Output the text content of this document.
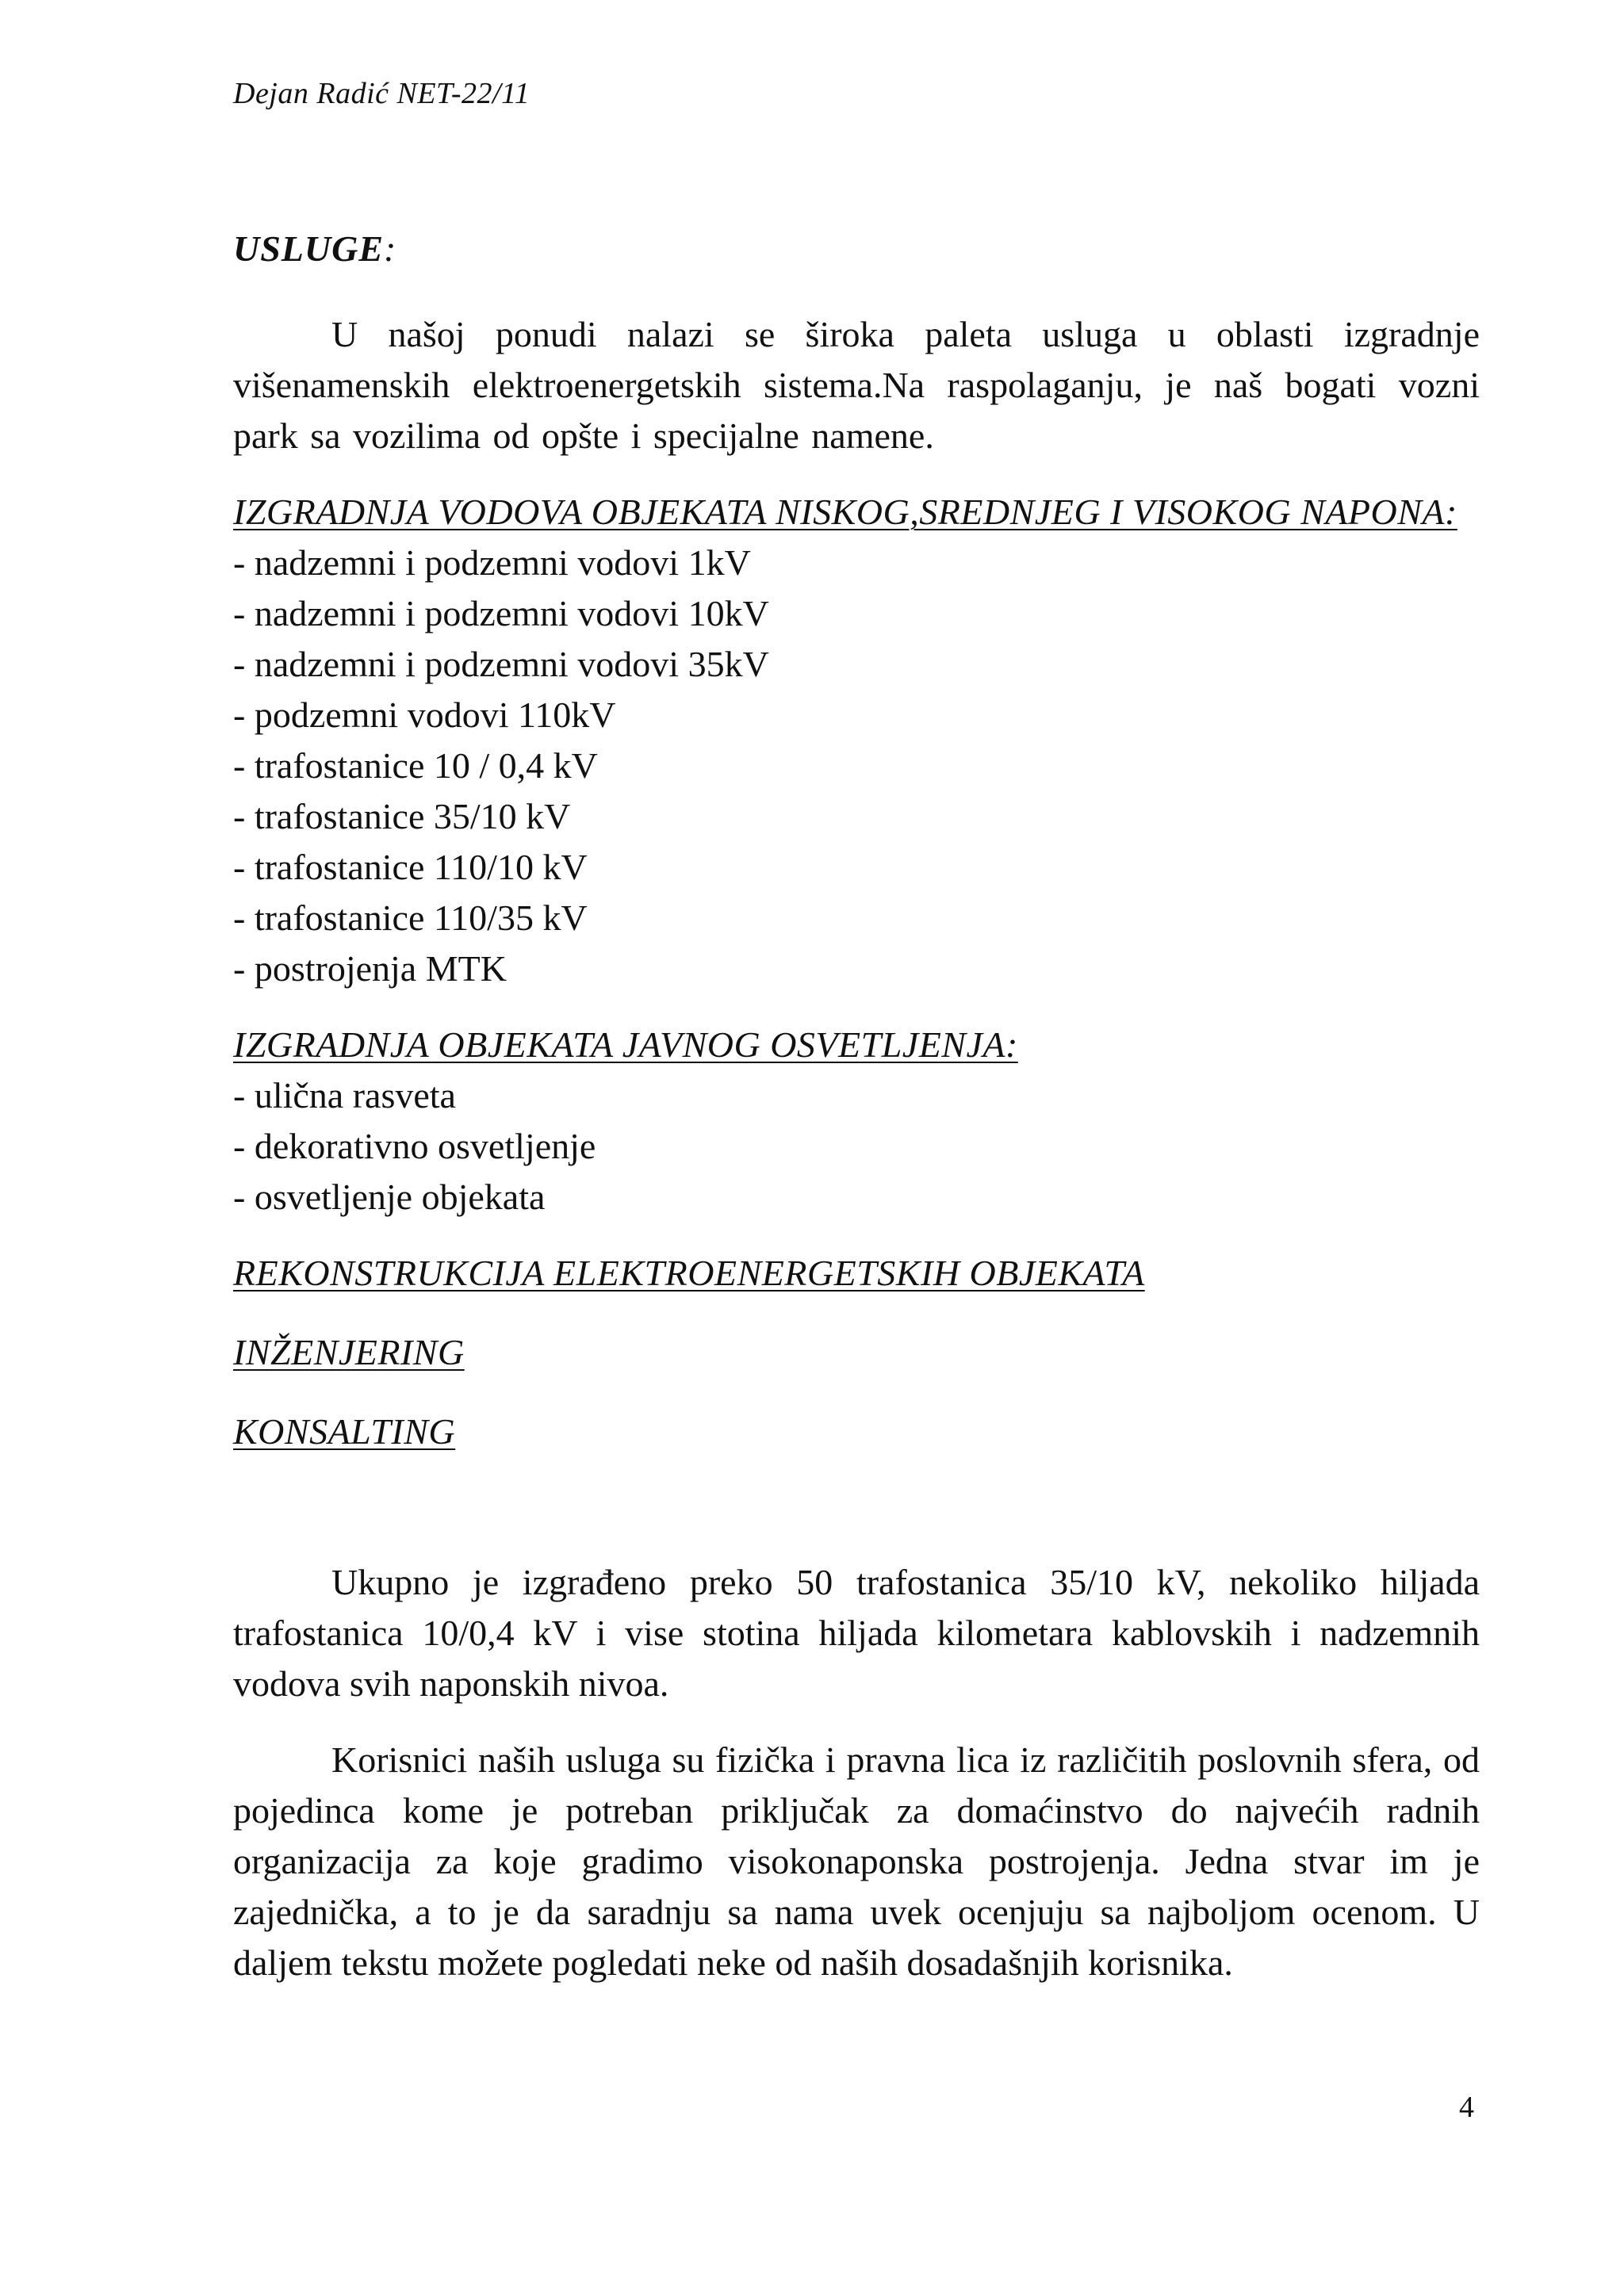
Dejan Radić NET-22/11

USLUGE:

U našoj ponudi nalazi se široka paleta usluga u oblasti izgradnje višenamenskih elektroenergetskih sistema.Na raspolaganju, je naš bogati vozni park sa vozilima od opšte i specijalne namene.

IZGRADNJA VODOVA OBJEKATA NISKOG,SREDNJEG I VISOKOG NAPONA:

- nadzemni i podzemni vodovi 1kV

- nadzemni i podzemni vodovi 10kV

- nadzemni i podzemni vodovi 35kV

- podzemni vodovi 110kV

- trafostanice 10 / 0,4 kV

- trafostanice 35/10 kV

- trafostanice 110/10 kV

- trafostanice 110/35 kV

- postrojenja MTK

IZGRADNJA OBJEKATA JAVNOG OSVETLJENJA:

- ulična rasveta

- dekorativno osvetljenje

- osvetljenje objekata

REKONSTRUKCIJA ELEKTROENERGETSKIH OBJEKATA

INŽENJERING

KONSALTING

Ukupno je izgrađeno preko 50 trafostanica 35/10 kV, nekoliko hiljada trafostanica 10/0,4 kV i vise stotina hiljada kilometara kablovskih i nadzemnih vodova svih naponskih nivoa.

Korisnici naših usluga su fizička i pravna lica iz različitih poslovnih sfera, od pojedinca kome je potreban priključak za domaćinstvo do najvećih radnih organizacija za koje gradimo visokonaponska postrojenja. Jedna stvar im je zajednička, a to je da saradnju sa nama uvek ocenjuju sa najboljom ocenom. U daljem tekstu možete pogledati neke od naših dosadašnjih korisnika.

4
